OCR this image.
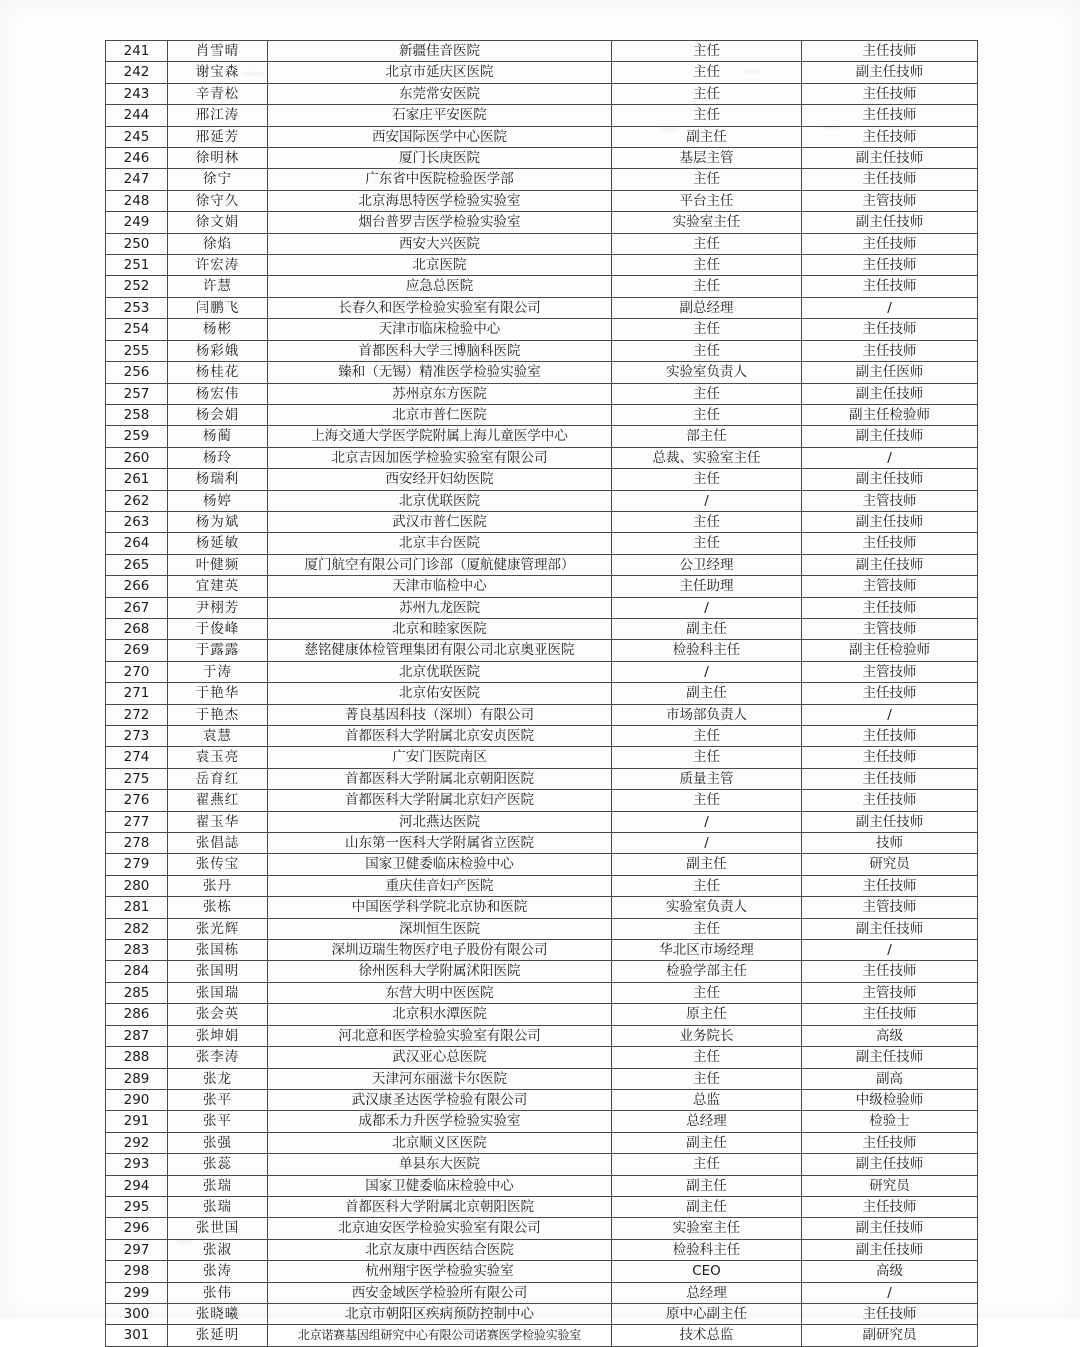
241	肖雪晴	新疆佳音医院	主任	主任技师
242	谢宝森	北京市延庆区医院	主任	副主任技师
243	辛青松	东莞常安医院	主任	主任技师
244	邢江涛	石家庄平安医院	主任	主任技师
245	邢延芳	西安国际医学中心医院	副主任	主任技师
246	徐明林	厦门长庚医院	基层主管	副主任技师
247	徐宁	广东省中医院检验医学部	主任	主任技师
248	徐守久	北京海思特医学检验实验室	平台主任	主管技师
249	徐文娟	烟台普罗吉医学检验实验室	实验室主任	副主任技师
250	徐焰	西安大兴医院	主任	主任技师
251	许宏涛	北京医院	主任	主任技师
252	许慧	应急总医院	主任	主任技师
253	闫鹏飞	长春久和医学检验实验室有限公司	副总经理	/
254	杨彬	天津市临床检验中心	主任	主任技师
255	杨彩娥	首都医科大学三博脑科医院	主任	主任技师
256	杨桂花	臻和（无锡）精准医学检验实验室	实验室负责人	副主任医师
257	杨宏伟	苏州京东方医院	主任	副主任技师
258	杨会娟	北京市普仁医院	主任	副主任检验师
259	杨蔺	上海交通大学医学院附属上海儿童医学中心	部主任	副主任技师
260	杨玲	北京吉因加医学检验实验室有限公司	总裁、实验室主任	/
261	杨瑞利	西安经开妇幼医院	主任	副主任技师
262	杨婷	北京优联医院	/	主管技师
263	杨为斌	武汉市普仁医院	主任	副主任技师
264	杨延敏	北京丰台医院	主任	主任技师
265	叶健频	厦门航空有限公司门诊部（厦航健康管理部）	公卫经理	副主任技师
266	宜建英	天津市临检中心	主任助理	主管技师
267	尹栩芳	苏州九龙医院	/	主任技师
268	于俊峰	北京和睦家医院	副主任	主管技师
269	于露露	慈铭健康体检管理集团有限公司北京奥亚医院	检验科主任	副主任检验师
270	于涛	北京优联医院	/	主管技师
271	于艳华	北京佑安医院	副主任	主任技师
272	于艳杰	菁良基因科技（深圳）有限公司	市场部负责人	/
273	袁慧	首都医科大学附属北京安贞医院	主任	主任技师
274	袁玉亮	广安门医院南区	主任	主任技师
275	岳育红	首都医科大学附属北京朝阳医院	质量主管	主任技师
276	翟燕红	首都医科大学附属北京妇产医院	主任	主任技师
277	翟玉华	河北燕达医院	/	副主任技师
278	张倡誌	山东第一医科大学附属省立医院	/	技师
279	张传宝	国家卫健委临床检验中心	副主任	研究员
280	张丹	重庆佳音妇产医院	主任	主任技师
281	张栋	中国医学科学院北京协和医院	实验室负责人	主管技师
282	张光辉	深圳恒生医院	主任	副主任技师
283	张国栋	深圳迈瑞生物医疗电子股份有限公司	华北区市场经理	/
284	张国明	徐州医科大学附属沭阳医院	检验学部主任	主任技师
285	张国瑞	东营大明中医医院	主任	主管技师
286	张会英	北京积水潭医院	原主任	主任技师
287	张坤娟	河北意和医学检验实验室有限公司	业务院长	高级
288	张李涛	武汉亚心总医院	主任	副主任技师
289	张龙	天津河东丽滋卡尔医院	主任	副高
290	张平	武汉康圣达医学检验有限公司	总监	中级检验师
291	张平	成都禾力升医学检验实验室	总经理	检验士
292	张强	北京顺义区医院	副主任	主任技师
293	张蕊	单县东大医院	主任	副主任技师
294	张瑞	国家卫健委临床检验中心	副主任	研究员
295	张瑞	首都医科大学附属北京朝阳医院	副主任	主任技师
296	张世国	北京迪安医学检验实验室有限公司	实验室主任	副主任技师
297	张淑	北京友康中西医结合医院	检验科主任	副主任技师
298	张涛	杭州翔宇医学检验实验室	CEO	高级
299	张伟	西安金域医学检验所有限公司	总经理	/
300	张晓曦	北京市朝阳区疾病预防控制中心	原中心副主任	主任技师
301	张延明	北京诺赛基因组研究中心有限公司诺赛医学检验实验室	技术总监	副研究员
